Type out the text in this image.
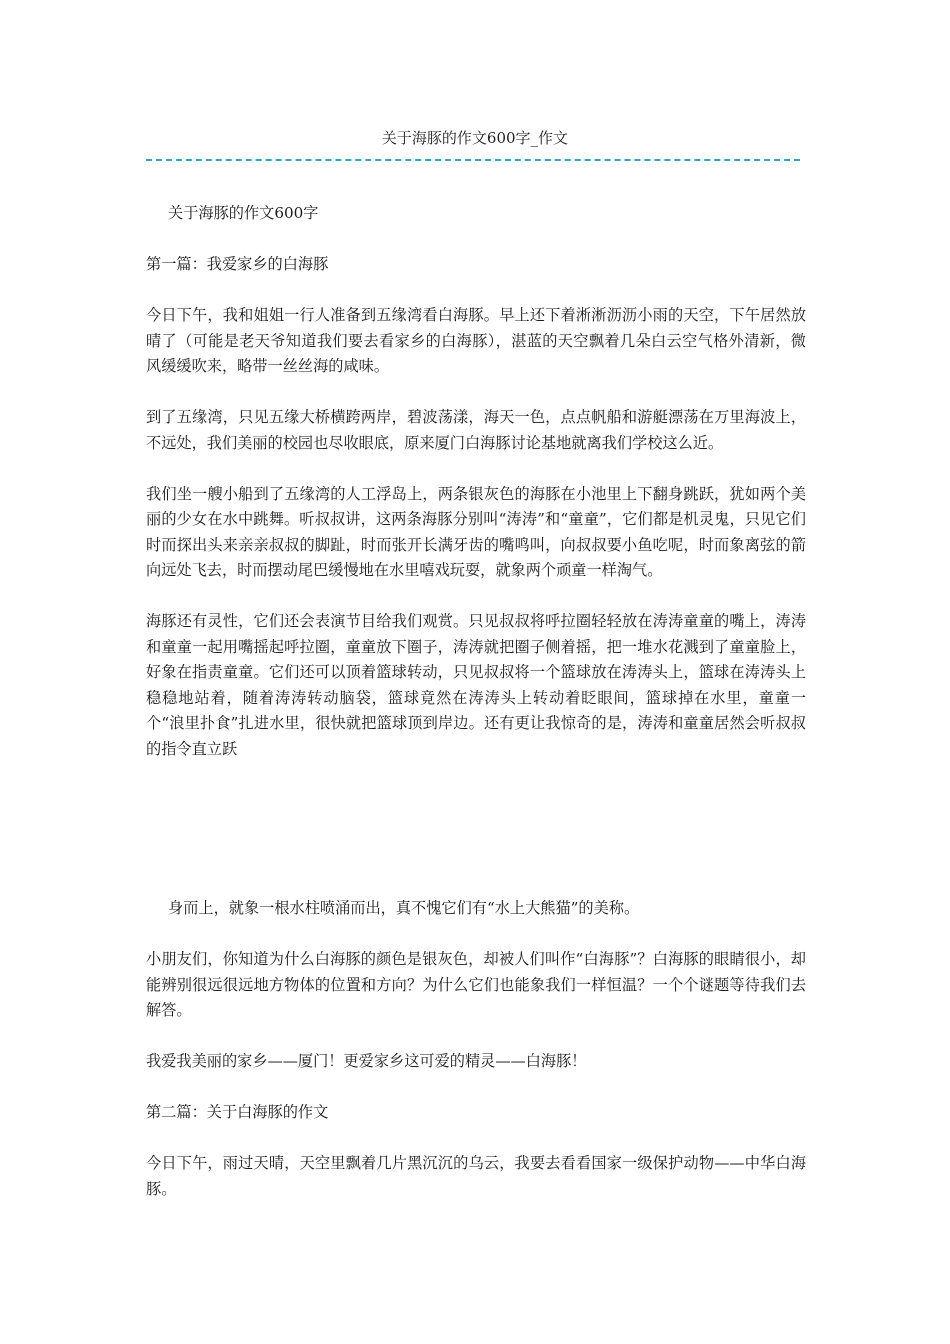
关于海豚的作文600字_作文

关于海豚的作文600字

第一篇：我爱家乡的白海豚

今日下午，我和姐姐一行人准备到五缘湾看白海豚。早上还下着淅淅沥沥小雨的天空，下午居然放晴了（可能是老天爷知道我们要去看家乡的白海豚），湛蓝的天空飘着几朵白云空气格外清新，微风缓缓吹来，略带一丝丝海的咸味。

到了五缘湾，只见五缘大桥横跨两岸，碧波荡漾，海天一色，点点帆船和游艇漂荡在万里海波上，不远处，我们美丽的校园也尽收眼底，原来厦门白海豚讨论基地就离我们学校这么近。

我们坐一艘小船到了五缘湾的人工浮岛上，两条银灰色的海豚在小池里上下翻身跳跃，犹如两个美丽的少女在水中跳舞。听叔叔讲，这两条海豚分别叫“涛涛”和“童童”，它们都是机灵鬼，只见它们时而探出头来亲亲叔叔的脚趾，时而张开长满牙齿的嘴鸣叫，向叔叔要小鱼吃呢，时而象离弦的箭向远处飞去，时而摆动尾巴缓慢地在水里嘻戏玩耍，就象两个顽童一样淘气。

海豚还有灵性，它们还会表演节目给我们观赏。只见叔叔将呼拉圈轻轻放在涛涛童童的嘴上，涛涛和童童一起用嘴摇起呼拉圈，童童放下圈子，涛涛就把圈子侧着摇，把一堆水花溅到了童童脸上，好象在指责童童。它们还可以顶着篮球转动，只见叔叔将一个篮球放在涛涛头上，篮球在涛涛头上稳稳地站着，随着涛涛转动脑袋，篮球竟然在涛涛头上转动着眨眼间，篮球掉在水里，童童一个“浪里扑食”扎进水里，很快就把篮球顶到岸边。还有更让我惊奇的是，涛涛和童童居然会听叔叔的指令直立跃

身而上，就象一根水柱喷涌而出，真不愧它们有“水上大熊猫”的美称。

小朋友们，你知道为什么白海豚的颜色是银灰色，却被人们叫作“白海豚”？白海豚的眼睛很小，却能辨别很远很远地方物体的位置和方向？为什么它们也能象我们一样恒温？一个个谜题等待我们去解答。

我爱我美丽的家乡——厦门！更爱家乡这可爱的精灵——白海豚！

第二篇：关于白海豚的作文

今日下午，雨过天晴，天空里飘着几片黑沉沉的乌云，我要去看看国家一级保护动物——中华白海豚。
